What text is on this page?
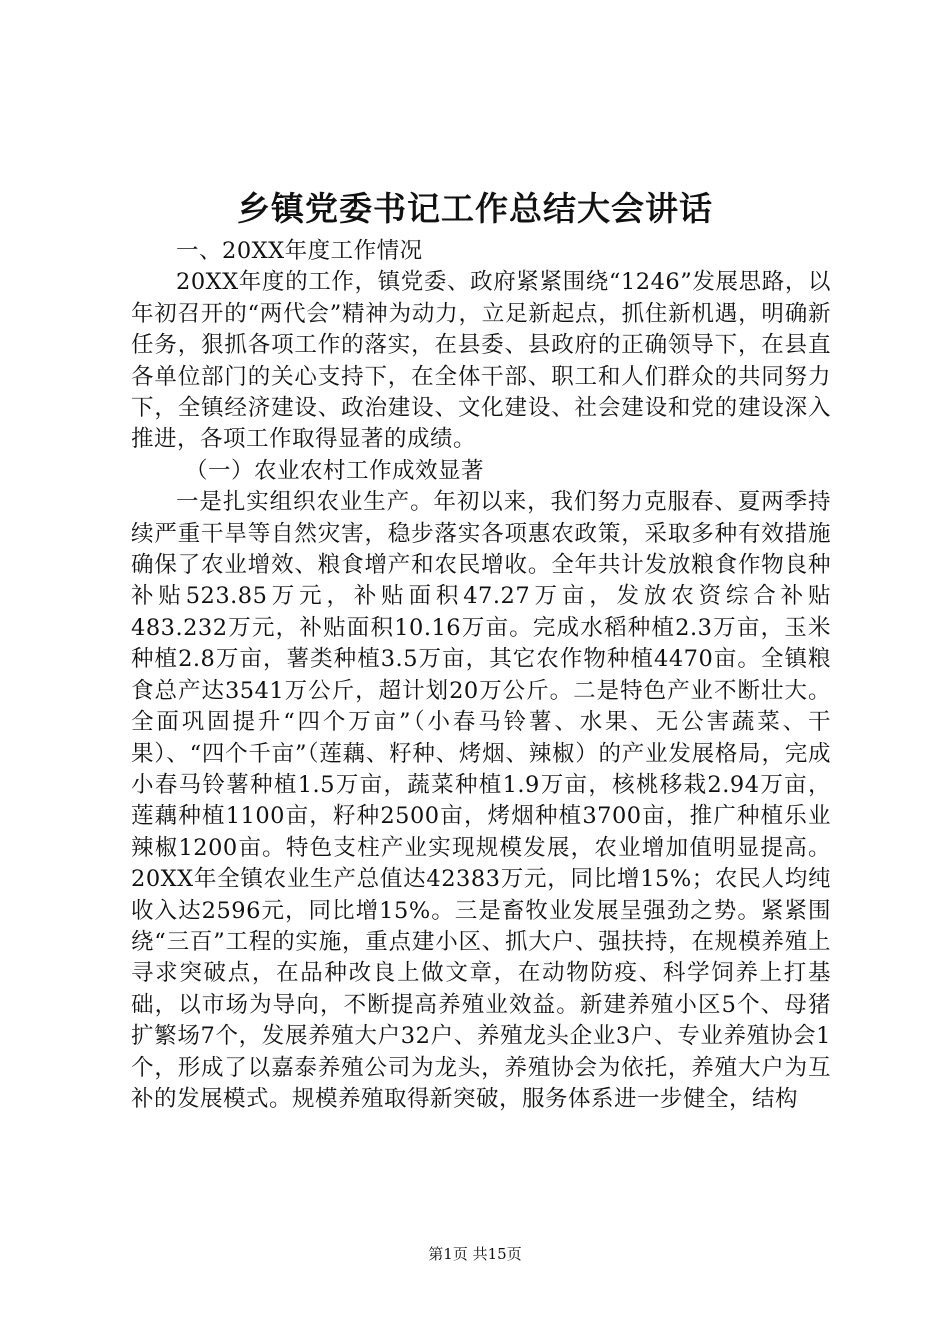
乡镇党委书记工作总结大会讲话

一、20XX年度工作情况

20XX年度的工作，镇党委、政府紧紧围绕“1246”发展思路，以年初召开的“两代会”精神为动力，立足新起点，抓住新机遇，明确新任务，狠抓各项工作的落实，在县委、县政府的正确领导下，在县直各单位部门的关心支持下，在全体干部、职工和人们群众的共同努力下，全镇经济建设、政治建设、文化建设、社会建设和党的建设深入推进，各项工作取得显著的成绩。

（一）农业农村工作成效显著

一是扎实组织农业生产。年初以来，我们努力克服春、夏两季持续严重干旱等自然灾害，稳步落实各项惠农政策，采取多种有效措施确保了农业增效、粮食增产和农民增收。全年共计发放粮食作物良种补贴523.85万元，补贴面积47.27万亩，发放农资综合补贴483.232万元，补贴面积10.16万亩。完成水稻种植2.3万亩，玉米种植2.8万亩，薯类种植3.5万亩，其它农作物种植4470亩。全镇粮食总产达3541万公斤，超计划20万公斤。二是特色产业不断壮大。全面巩固提升“四个万亩”（小春马铃薯、水果、无公害蔬菜、干果）、“四个千亩”（莲藕、籽种、烤烟、辣椒）的产业发展格局，完成小春马铃薯种植1.5万亩，蔬菜种植1.9万亩，核桃移栽2.94万亩，莲藕种植1100亩，籽种2500亩，烤烟种植3700亩，推广种植乐业辣椒1200亩。特色支柱产业实现规模发展，农业增加值明显提高。20XX年全镇农业生产总值达42383万元，同比增15%；农民人均纯收入达2596元，同比增15%。三是畜牧业发展呈强劲之势。紧紧围绕“三百”工程的实施，重点建小区、抓大户、强扶持，在规模养殖上寻求突破点，在品种改良上做文章，在动物防疫、科学饲养上打基础，以市场为导向，不断提高养殖业效益。新建养殖小区5个、母猪扩繁场7个，发展养殖大户32户、养殖龙头企业3户、专业养殖协会1个，形成了以嘉泰养殖公司为龙头，养殖协会为依托，养殖大户为互补的发展模式。规模养殖取得新突破，服务体系进一步健全，结构

第1页 共15页
